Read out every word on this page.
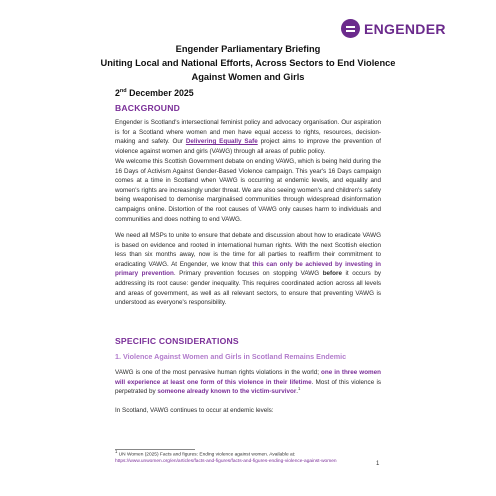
ENGENDER
Engender Parliamentary Briefing
Uniting Local and National Efforts, Across Sectors to End Violence
Against Women and Girls
2nd December 2025
BACKGROUND
Engender is Scotland's intersectional feminist policy and advocacy organisation. Our aspiration is for a Scotland where women and men have equal access to rights, resources, decision-making and safety. Our Delivering Equally Safe project aims to improve the prevention of violence against women and girls (VAWG) through all areas of public policy.
We welcome this Scottish Government debate on ending VAWG, which is being held during the 16 Days of Activism Against Gender-Based Violence campaign. This year's 16 Days campaign comes at a time in Scotland when VAWG is occurring at endemic levels, and equality and women's rights are increasingly under threat. We are also seeing women's and children's safety being weaponised to demonise marginalised communities through widespread disinformation campaigns online. Distortion of the root causes of VAWG only causes harm to individuals and communities and does nothing to end VAWG.
We need all MSPs to unite to ensure that debate and discussion about how to eradicate VAWG is based on evidence and rooted in international human rights. With the next Scottish election less than six months away, now is the time for all parties to reaffirm their commitment to eradicating VAWG. At Engender, we know that this can only be achieved by investing in primary prevention. Primary prevention focuses on stopping VAWG before it occurs by addressing its root cause: gender inequality. This requires coordinated action across all levels and areas of government, as well as all relevant sectors, to ensure that preventing VAWG is understood as everyone's responsibility.
SPECIFIC CONSIDERATIONS
1. Violence Against Women and Girls in Scotland Remains Endemic
VAWG is one of the most pervasive human rights violations in the world; one in three women will experience at least one form of this violence in their lifetime. Most of this violence is perpetrated by someone already known to the victim-survivor.$^1$
In Scotland, VAWG continues to occur at endemic levels:
$^1$ UN Women (2025) Facts and figures: Ending violence against women. Available at:
https://www.unwomen.org/en/articles/facts-and-figures/facts-and-figures-ending-violence-against-women	1
